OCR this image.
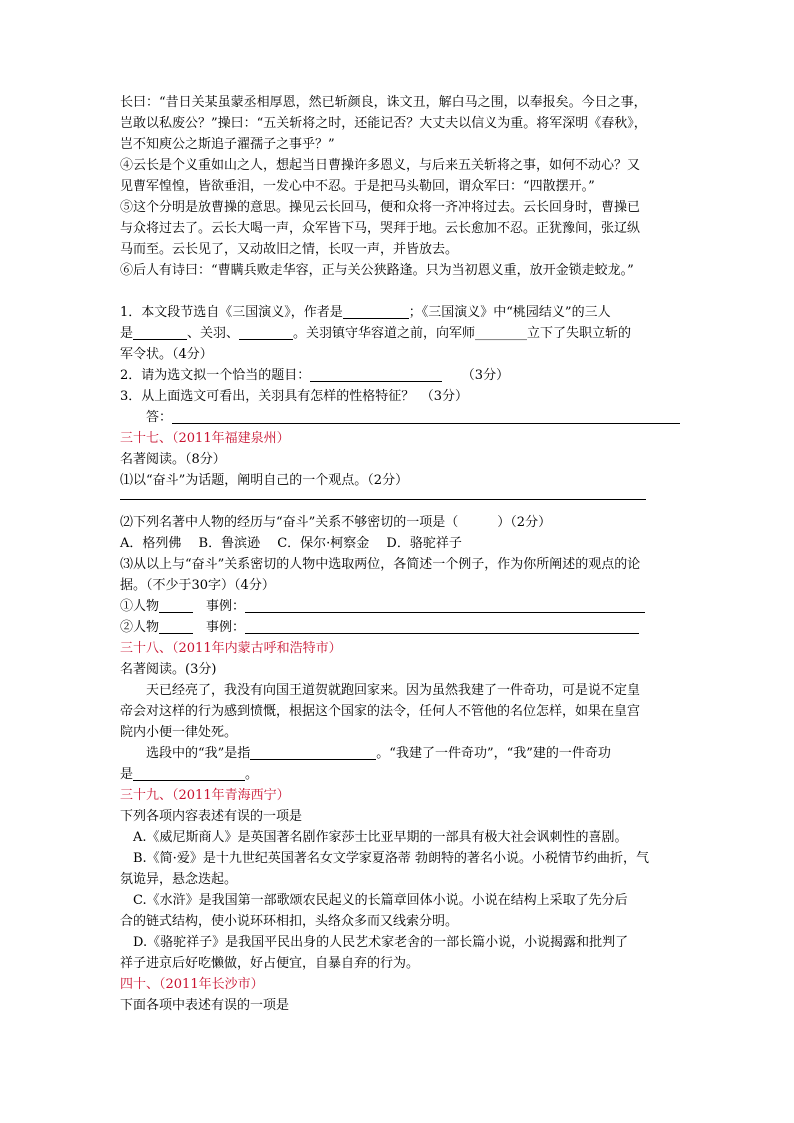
长曰：“昔日关某虽蒙丞相厚恩，然已斩颜良，诛文丑，解白马之围，以奉报矣。今日之事，

岂敢以私废公？”操曰：“五关斩将之时，还能记否？大丈夫以信义为重。将军深明《春秋》，

岂不知庾公之斯追子濯孺子之事乎？”

④云长是个义重如山之人，想起当日曹操许多恩义，与后来五关斩将之事，如何不动心？又

见曹军惶惶，皆欲垂泪，一发心中不忍。于是把马头勒回，谓众军曰：“四散摆开。”

⑤这个分明是放曹操的意思。操见云长回马，便和众将一齐冲将过去。云长回身时，曹操已

与众将过去了。云长大喝一声，众军皆下马，哭拜于地。云长愈加不忍。正犹豫间，张辽纵

马而至。云长见了，又动故旧之情，长叹一声，并皆放去。

⑥后人有诗曰：“曹瞒兵败走华容，正与关公狭路逢。只为当初恩义重，放开金锁走蛟龙。”

1．本文段节选自《三国演义》，作者是	；《三国演义》中“桃园结义”的三人

是	、关羽、	。关羽镇守华容道之前，向军师________立下了失职立斩的

军令状。（4分）

2．请为选文拟一个恰当的题目：　　	（3分）

3．从上面选文可看出，关羽具有怎样的性格特征？　（3分）

答：

三十七、（2011年福建泉州）

名著阅读。（8分）

⑴以“奋斗”为话题，阐明自己的一个观点。（2分）

⑵下列名著中人物的经历与“奋斗”关系不够密切的一项是（　　　）（2分）

A．格列佛　 B．鲁滨逊　 C．保尔·柯察金　 D．骆驼祥子

⑶从以上与“奋斗”关系密切的人物中选取两位，各简述一个例子，作为你所阐述的观点的论

据。（不少于30字）（4分）

①人物　	事例：

②人物　	事例：

三十八、（2011年内蒙古呼和浩特市）

名著阅读。(3分)

天已经亮了，我没有向国王道贺就跑回家来。因为虽然我建了一件奇功，可是说不定皇

帝会对这样的行为感到愤慨，根据这个国家的法令，任何人不管他的名位怎样，如果在皇宫

院内小便一律处死。

选段中的“我”是指	。“我建了一件奇功”，“我”建的一件奇功

是	。

三十九、（2011年青海西宁）

下列各项内容表述有误的一项是

A.《威尼斯商人》是英国著名剧作家莎士比亚早期的一部具有极大社会讽刺性的喜剧。

B.《简·爱》是十九世纪英国著名女文学家夏洛蒂 勃朗特的著名小说。小税情节约曲折，气

氛诡异，悬念迭起。

C.《水浒》是我国第一部歌颂农民起义的长篇章回体小说。小说在结构上采取了先分后

合的链式结构，使小说环环相扣，头络众多而又线索分明。

D.《骆驼祥子》是我国平民出身的人民艺术家老舍的一部长篇小说，小说揭露和批判了

祥子进京后好吃懒做，好占便宜，自暴自弃的行为。

四十、（2011年长沙市）

下面各项中表述有误的一项是
